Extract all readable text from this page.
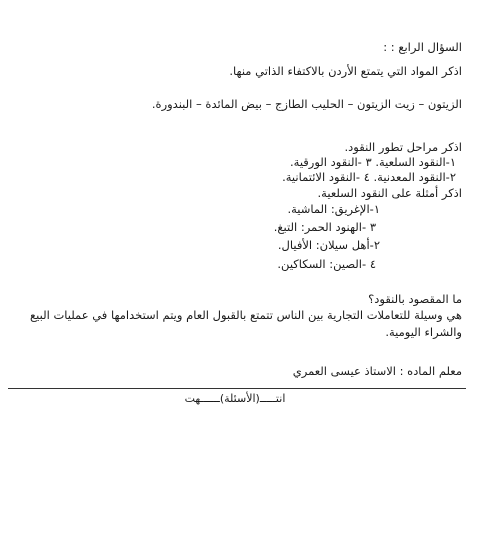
السؤال الرابع : :
اذكر المواد التي يتمتع الأردن بالاكتفاء الذاتي منها.
الزيتون – زيت الزيتون – الحليب الطازج – بيض المائدة – البندورة.
اذكر مراحل تطور النقود.
١-النقود السلعية. ٣ -النقود الورقية.
٢-النقود المعدنية. ٤ -النقود الائتمانية.
اذكر أمثلة على النقود السلعية.
١-الإغريق: الماشية.
٣ -الهنود الحمر: التبغ.
٢-أهل سيلان: الأفيال.
٤ -الصين: السكاكين.
ما المقصود بالنقود؟
هي وسيلة للتعاملات التجارية بين الناس تتمتع بالقبول العام ويتم استخدامها في عمليات البيع والشراء اليومية.
معلم الماده : الاستاذ عيسى العمري
انتـــــ(الأسئلة)ــــــهت
